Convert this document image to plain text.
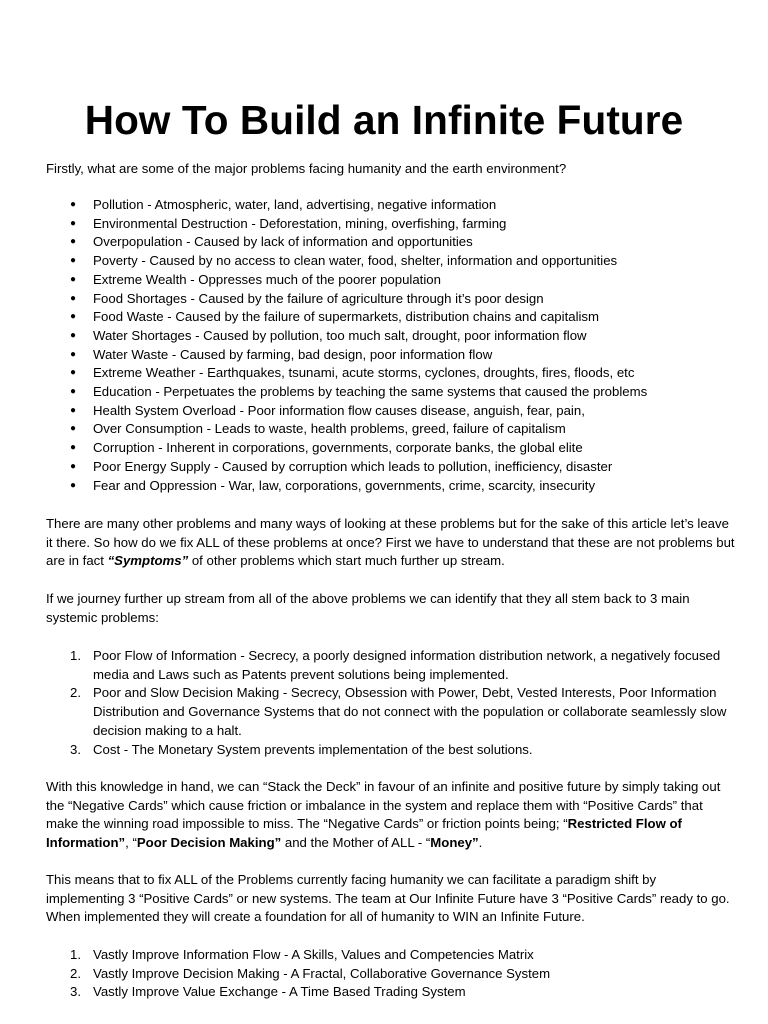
How To Build an Infinite Future

Firstly, what are some of the major problems facing humanity and the earth environment?

● Pollution - Atmospheric, water, land, advertising, negative information
● Environmental Destruction - Deforestation, mining, overfishing, farming
● Overpopulation - Caused by lack of information and opportunities
● Poverty - Caused by no access to clean water, food, shelter, information and opportunities
● Extreme Wealth - Oppresses much of the poorer population
● Food Shortages - Caused by the failure of agriculture through it’s poor design
● Food Waste - Caused by the failure of supermarkets, distribution chains and capitalism
● Water Shortages - Caused by pollution, too much salt, drought, poor information flow
● Water Waste - Caused by farming, bad design, poor information flow
● Extreme Weather - Earthquakes, tsunami, acute storms, cyclones, droughts, fires, floods, etc
● Education - Perpetuates the problems by teaching the same systems that caused the problems
● Health System Overload - Poor information flow causes disease, anguish, fear, pain,
● Over Consumption - Leads to waste, health problems, greed, failure of capitalism
● Corruption - Inherent in corporations, governments, corporate banks, the global elite
● Poor Energy Supply - Caused by corruption which leads to pollution, inefficiency, disaster
● Fear and Oppression - War, law, corporations, governments, crime, scarcity, insecurity

There are many other problems and many ways of looking at these problems but for the sake of this article let’s leave it there. So how do we fix ALL of these problems at once? First we have to understand that these are not problems but are in fact “Symptoms” of other problems which start much further up stream.

If we journey further up stream from all of the above problems we can identify that they all stem back to 3 main systemic problems:

1. Poor Flow of Information - Secrecy, a poorly designed information distribution network, a negatively focused media and Laws such as Patents prevent solutions being implemented.
2. Poor and Slow Decision Making - Secrecy, Obsession with Power, Debt, Vested Interests, Poor Information Distribution and Governance Systems that do not connect with the population or collaborate seamlessly slow decision making to a halt.
3. Cost - The Monetary System prevents implementation of the best solutions.

With this knowledge in hand, we can “Stack the Deck” in favour of an infinite and positive future by simply taking out the “Negative Cards” which cause friction or imbalance in the system and replace them with “Positive Cards” that make the winning road impossible to miss. The “Negative Cards” or friction points being; “Restricted Flow of Information”, “Poor Decision Making” and the Mother of ALL - “Money”.

This means that to fix ALL of the Problems currently facing humanity we can facilitate a paradigm shift by implementing 3 “Positive Cards” or new systems. The team at Our Infinite Future have 3 “Positive Cards” ready to go. When implemented they will create a foundation for all of humanity to WIN an Infinite Future.

1. Vastly Improve Information Flow - A Skills, Values and Competencies Matrix
2. Vastly Improve Decision Making - A Fractal, Collaborative Governance System
3. Vastly Improve Value Exchange - A Time Based Trading System
